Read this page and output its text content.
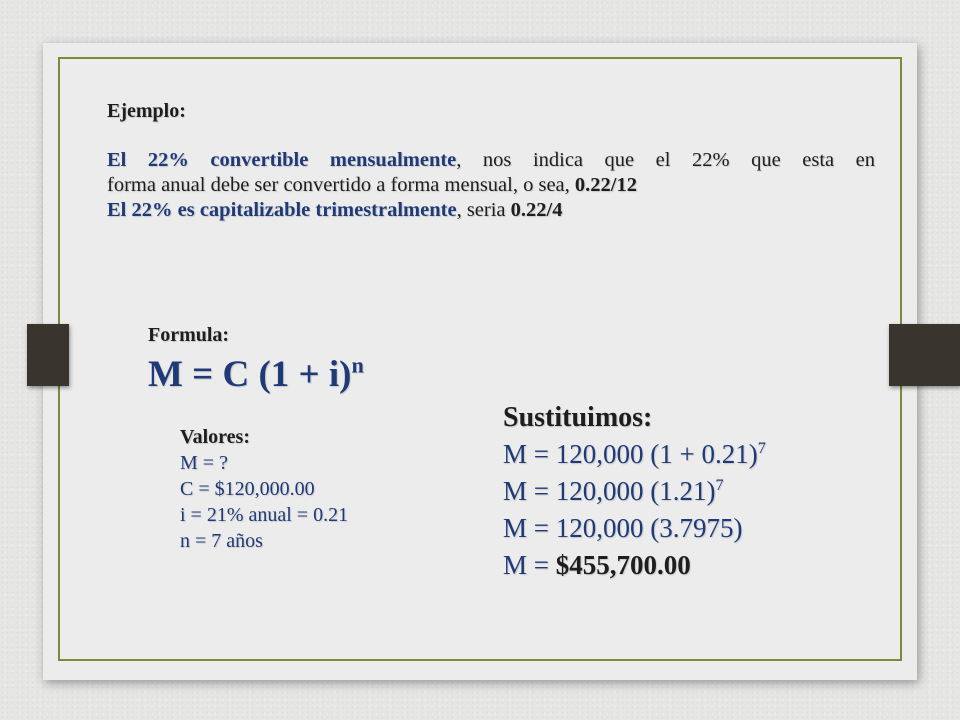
Ejemplo:
El 22% convertible mensualmente, nos indica que el 22% que esta en
forma anual debe ser convertido a forma mensual, o sea, 0.22/12
El 22% es capitalizable trimestralmente, seria 0.22/4
Formula:
M = C $(1 + i)^n$
Valores:
M = ?
C = $120,000.00
i = 21% anual = 0.21
n = 7 años
Sustituimos:
M = 120,000 $(1 + 0.21)^7$
M = 120,000 $(1.21)^7$
M = 120,000 (3.7975)
M = $455,700.00
